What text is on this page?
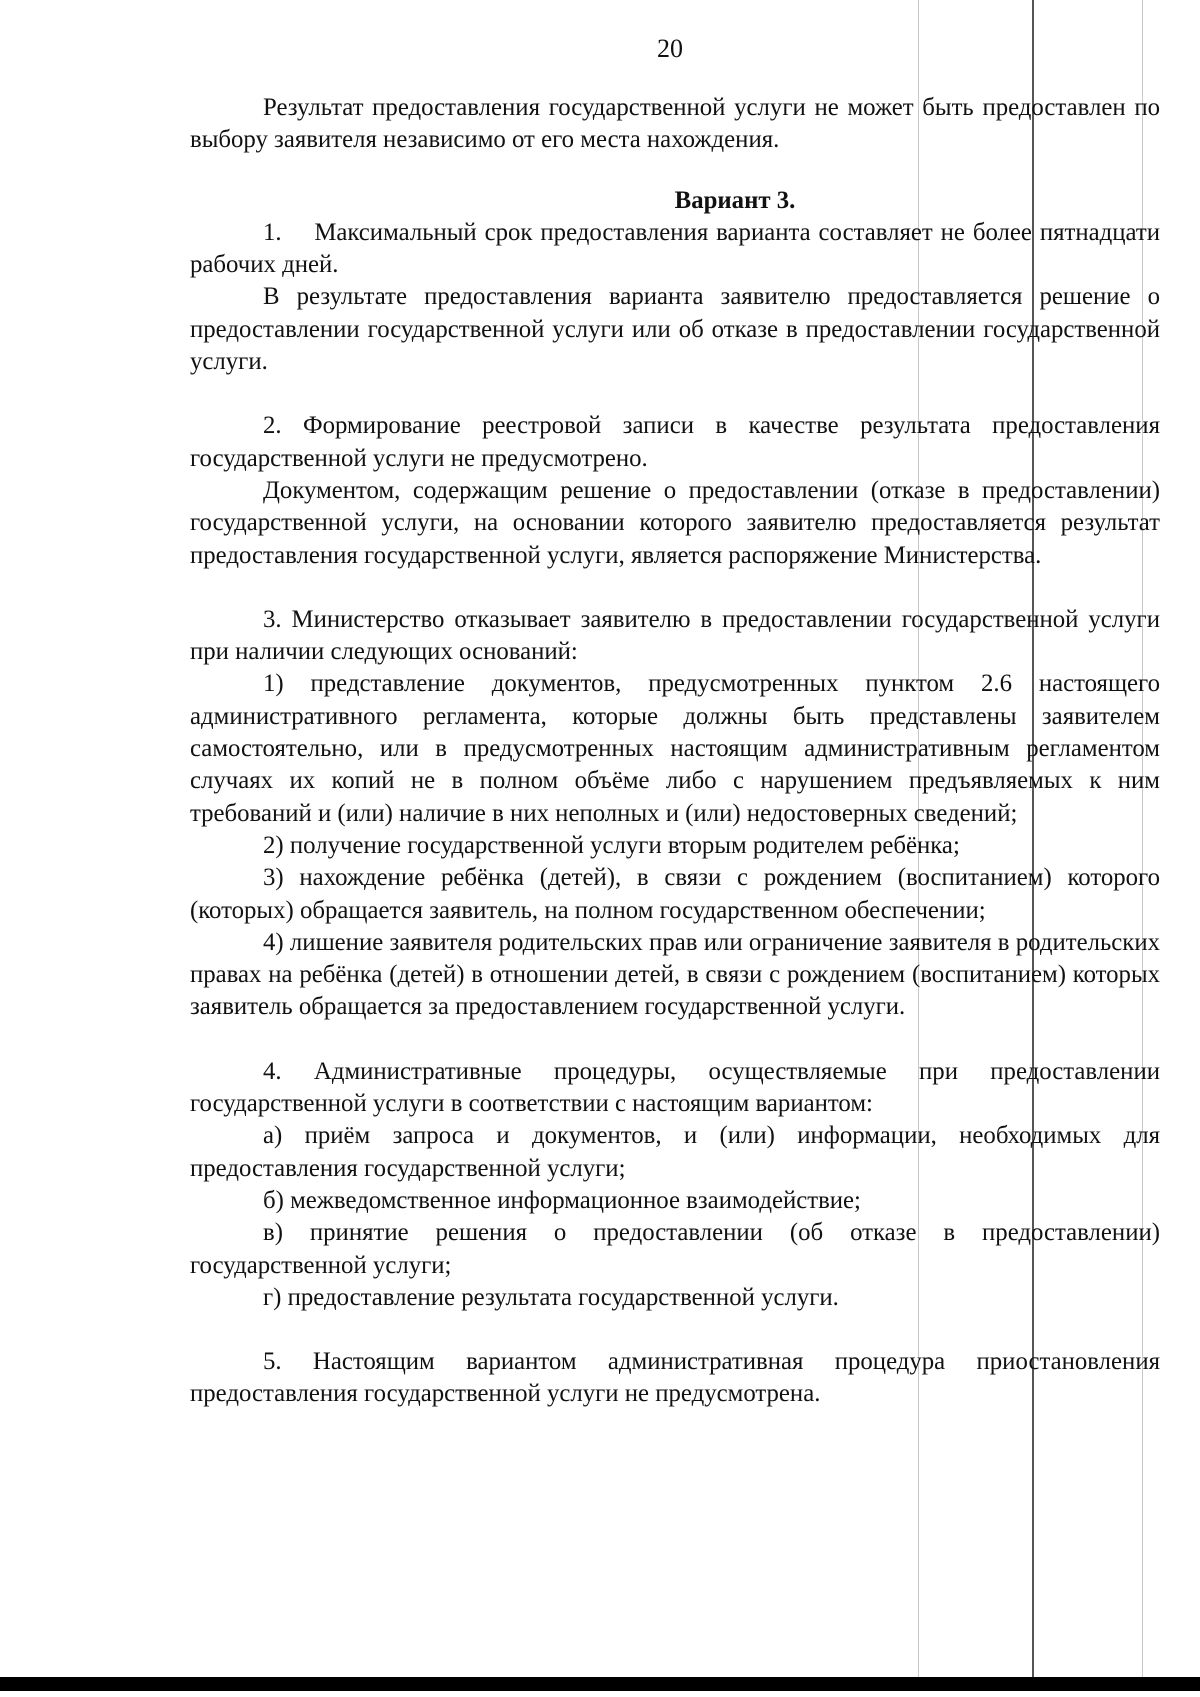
20

Результат предоставления государственной услуги не может быть предоставлен по выбору заявителя независимо от его места нахождения.

Вариант 3.

1.  Максимальный срок предоставления варианта составляет не более пятнадцати рабочих дней.

В результате предоставления варианта заявителю предоставляется решение о предоставлении государственной услуги или об отказе в предоставлении государственной услуги.

2. Формирование реестровой записи в качестве результата предоставления государственной услуги не предусмотрено.

Документом, содержащим решение о предоставлении (отказе в предоставлении) государственной услуги, на основании которого заявителю предоставляется результат предоставления государственной услуги, является распоряжение Министерства.

3. Министерство отказывает заявителю в предоставлении государственной услуги при наличии следующих оснований:

1) представление документов, предусмотренных пунктом 2.6 настоящего административного регламента, которые должны быть представлены заявителем самостоятельно, или в предусмотренных настоящим административным регламентом случаях их копий не в полном объёме либо с нарушением предъявляемых к ним требований и (или) наличие в них неполных и (или) недостоверных сведений;

2) получение государственной услуги вторым родителем ребёнка;

3) нахождение ребёнка (детей), в связи с рождением (воспитанием) которого (которых) обращается заявитель, на полном государственном обеспечении;

4) лишение заявителя родительских прав или ограничение заявителя в родительских правах на ребёнка (детей) в отношении детей, в связи с рождением (воспитанием) которых заявитель обращается за предоставлением государственной услуги.

4. Административные процедуры, осуществляемые при предоставлении государственной услуги в соответствии с настоящим вариантом:

а) приём запроса и документов, и (или) информации, необходимых для предоставления государственной услуги;

б) межведомственное информационное взаимодействие;

в) принятие решения о предоставлении (об отказе в предоставлении) государственной услуги;

г) предоставление результата государственной услуги.

5. Настоящим вариантом административная процедура приостановления предоставления государственной услуги не предусмотрена.
